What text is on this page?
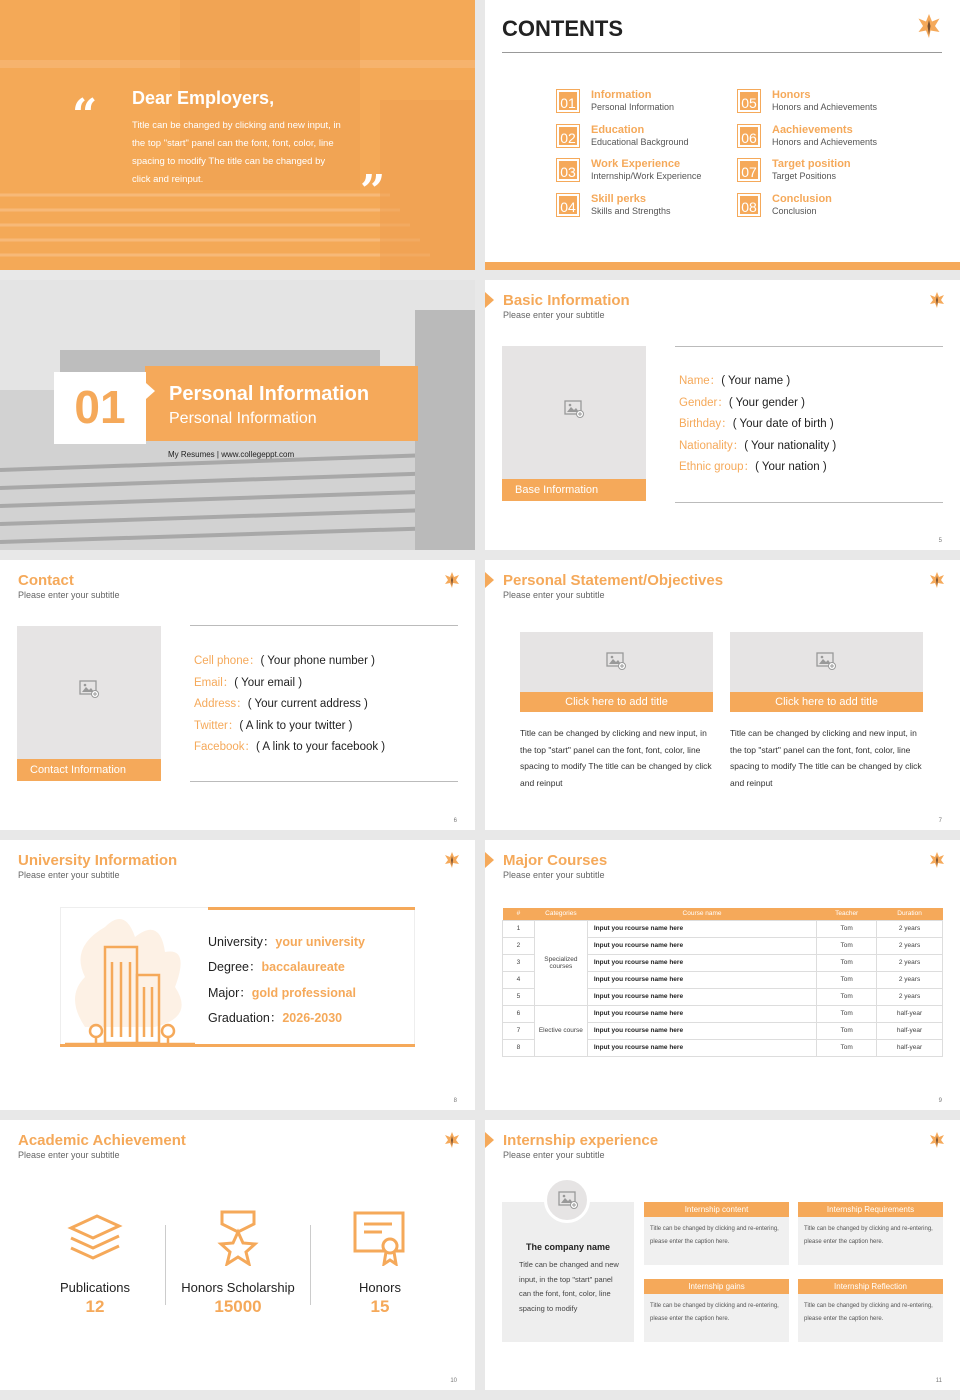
“ Dear Employers,
Title can be changed by clicking and new input, in the top "start" panel can the font, font, color, line spacing to modify The title can be changed by click and reinput.	”
CONTENTS
01 Information
Personal Information
02 Education
Educational Background
03 Work Experience
Internship/Work Experience
04 Skill perks
Skills and Strengths
05 Honors
Honors and Achievements
06 Aachievements
Honors and Achievements
07 Target position
Target Positions
08 Conclusion
Conclusion
01	Personal Information
Personal Information
My Resumes | www.collegeppt.com
Basic Information
Please enter your subtitle
Base Information
Name：( Your name )
Gender：( Your gender )
Birthday：( Your date of birth )
Nationality：( Your nationality )
Ethnic group：( Your nation )
5
Contact
Please enter your subtitle
Contact Information
Cell phone：( Your phone number )
Email：( Your email )
Address：( Your current address )
Twitter：( A link to your twitter )
Facebook：( A link to your facebook )
6
Personal Statement/Objectives
Please enter your subtitle
Click here to add title
Title can be changed by clicking and new input, in the top "start" panel can the font, font, color, line spacing to modify The title can be changed by click and reinput
Click here to add title
Title can be changed by clicking and new input, in the top "start" panel can the font, font, color, line spacing to modify The title can be changed by click and reinput
7
University Information
Please enter your subtitle
University：your university
Degree：baccalaureate
Major：gold professional
Graduation：2026-2030
8
Major Courses
Please enter your subtitle
#	Categories	Course name	Teacher	Duration
1	Specialized courses	Input you rcourse name here	Tom	2 years
2		Input you rcourse name here	Tom	2 years
3		Input you rcourse name here	Tom	2 years
4		Input you rcourse name here	Tom	2 years
5		Input you rcourse name here	Tom	2 years
6	Elective course	Input you rcourse name here	Tom	half-year
7		Input you rcourse name here	Tom	half-year
8		Input you rcourse name here	Tom	half-year
9
Academic Achievement
Please enter your subtitle
Publications
12
Honors Scholarship
15000
Honors
15
10
Internship experience
Please enter your subtitle
The company name
Title can be changed and new input, in the top "start" panel can the font, font, color, line spacing to modify
Internship content
Title can be changed by clicking and re-entering, please enter the caption here.
Internship Requirements
Title can be changed by clicking and re-entering, please enter the caption here.
Internship gains
Title can be changed by clicking and re-entering, please enter the caption here.
Internship Reflection
Title can be changed by clicking and re-entering, please enter the caption here.
11
